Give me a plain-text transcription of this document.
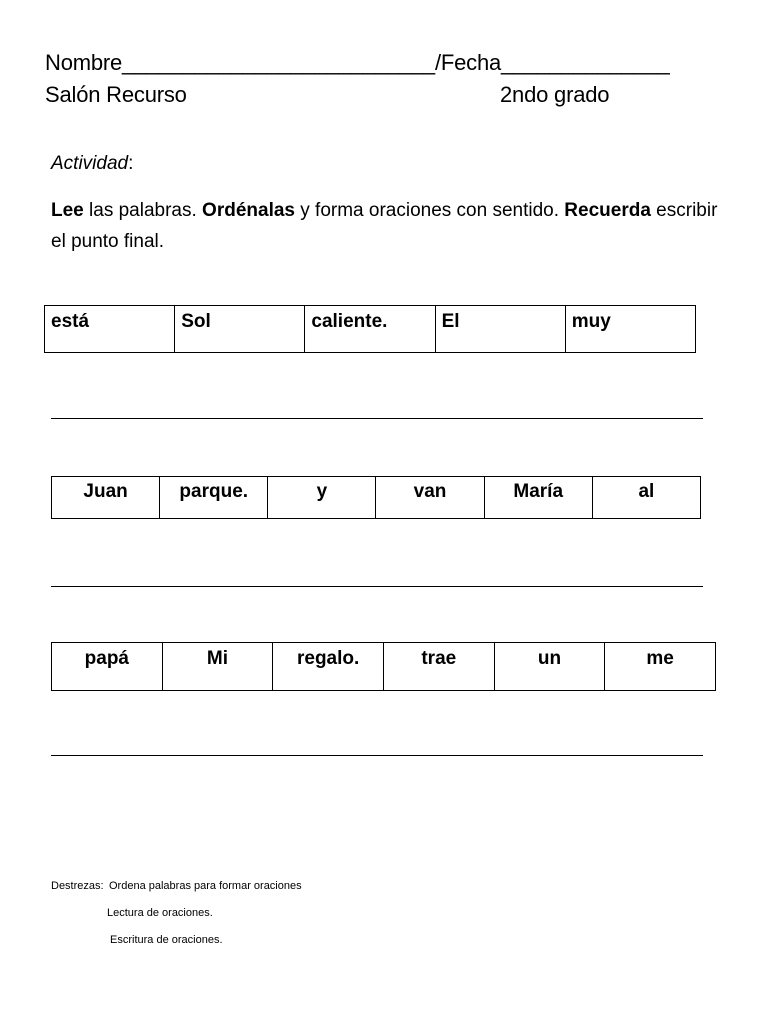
Nombre__________________________/Fecha______________
Salón Recurso	2ndo grado
Actividad:
Lee las palabras. Ordénalas y forma oraciones con sentido. Recuerda escribir el punto final.
está	Sol	caliente.	El	muy
Juan	parque.	y	van	María	al
papá	Mi	regalo.	trae	un	me
Destrezas: Ordena palabras para formar oraciones
Lectura de oraciones.
Escritura de oraciones.
